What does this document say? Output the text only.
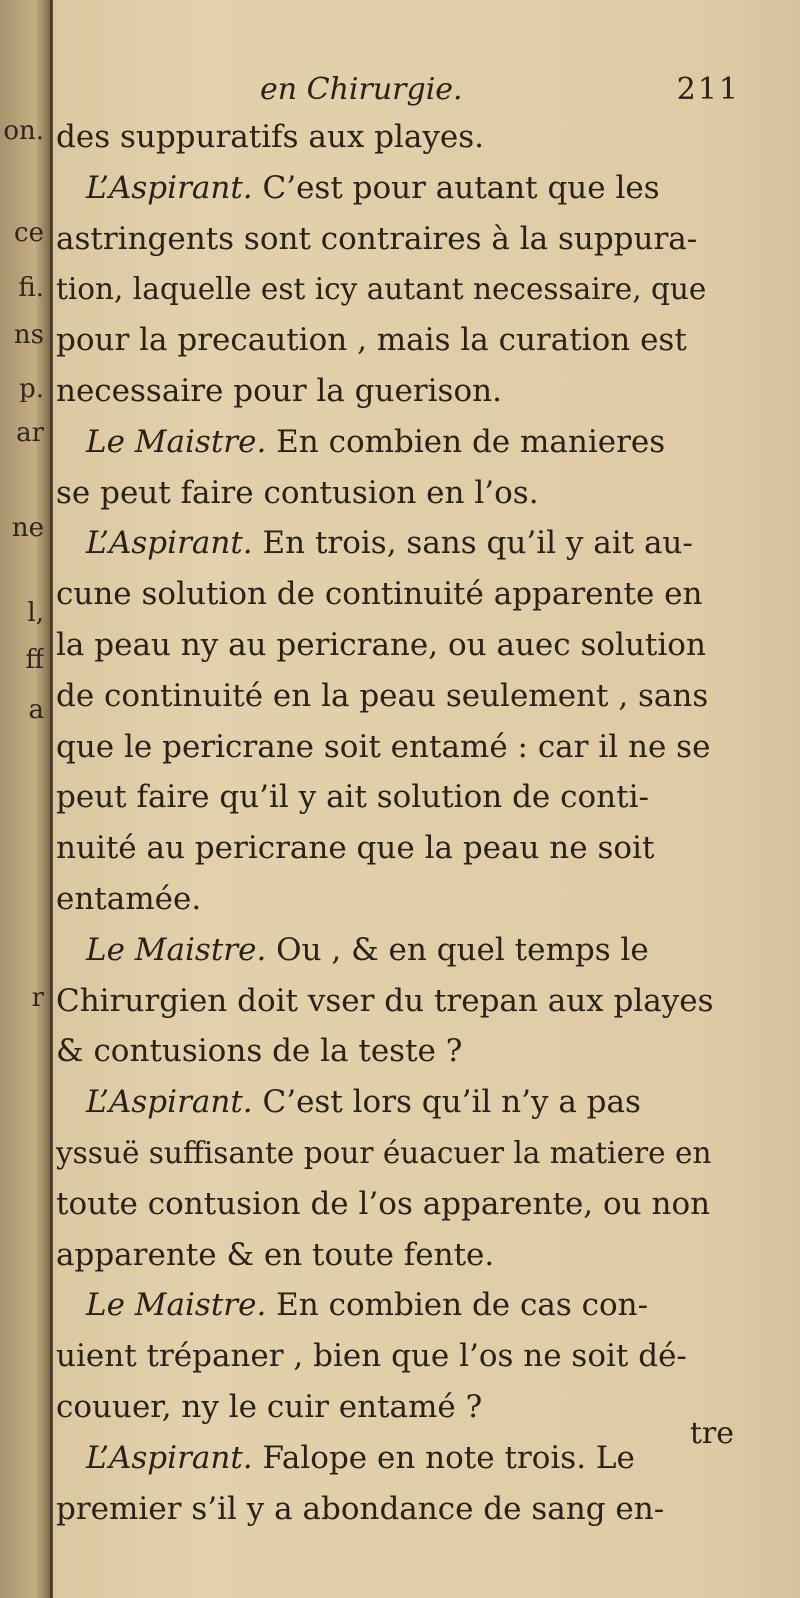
on.
ce
fi.
ns
p.
ar
ne
l,
ff
a
r
en Chirurgie.	211
des suppuratifs aux playes.
L’Aspirant. C’est pour autant que les
astringents sont contraires à la suppura-
tion, laquelle est icy autant necessaire, que
pour la precaution , mais la curation est
necessaire pour la guerison.
Le Maistre. En combien de manieres
se peut faire contusion en l’os.
L’Aspirant. En trois, sans qu’il y ait au-
cune solution de continuité apparente en
la peau ny au pericrane, ou auec solution
de continuité en la peau seulement , sans
que le pericrane soit entamé : car il ne se
peut faire qu’il y ait solution de conti-
nuité au pericrane que la peau ne soit
entamée.
Le Maistre. Ou , & en quel temps le
Chirurgien doit vser du trepan aux playes
& contusions de la teste ?
L’Aspirant. C’est lors qu’il n’y a pas
yssuë suffisante pour éuacuer la matiere en
toute contusion de l’os apparente, ou non
apparente & en toute fente.
Le Maistre. En combien de cas con-
uient trépaner , bien que l’os ne soit dé-
couuer, ny le cuir entamé ?
L’Aspirant. Falope en note trois. Le
premier s’il y a abondance de sang en-
tre
